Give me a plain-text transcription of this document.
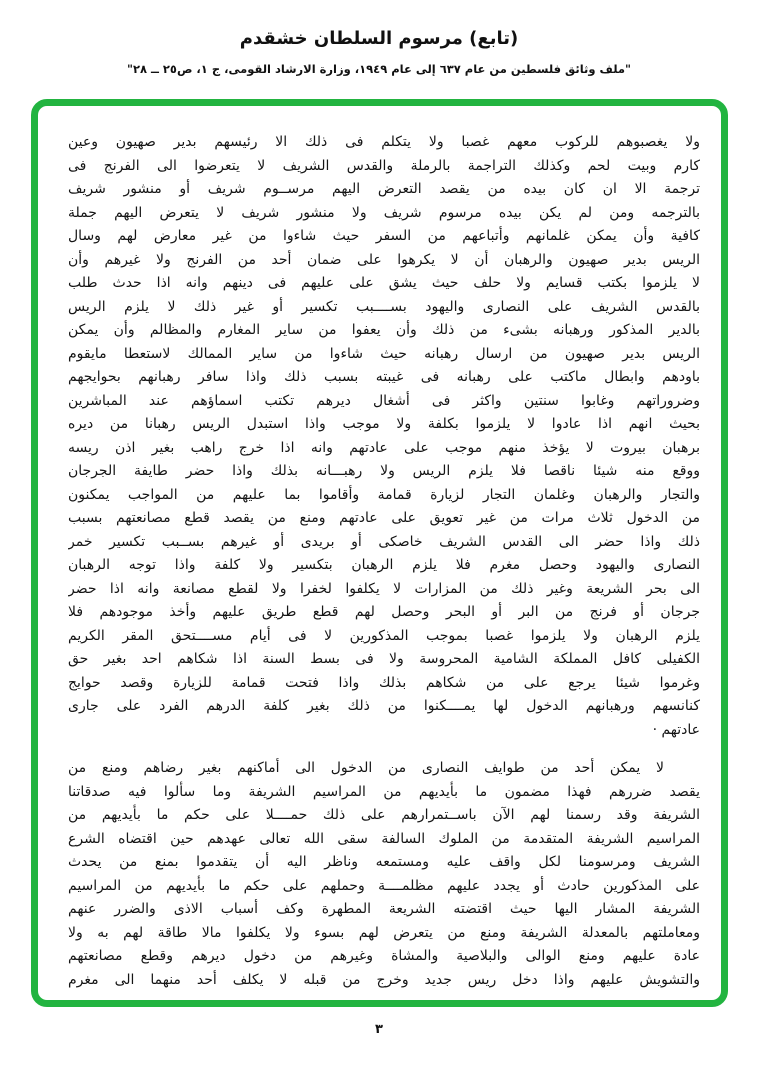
(تابع) مرسوم السلطان خشقدم
"ملف وثائق فلسطين من عام ٦٣٧ إلى عام ١٩٤٩، وزارة الارشاد القومى، ج ١، ص٢٥ ــ ٢٨"
ولا يغصبوهم للركوب معهم غصبا ولا يتكلم فى ذلك الا رئيسهم بدير صهيون وعين
كارم وبيت لحم وكذلك التراجمة بالرملة والقدس الشريف لا يتعرضوا الى الفرنج فى
ترجمة الا ان كان بيده من يقصد التعرض اليهم مرســوم شريف أو منشور شريف
بالترجمه ومن لم يكن بيده مرسوم شريف ولا منشور شريف لا يتعرض اليهم جملة
كافية وأن يمكن غلمانهم وأتباعهم من السفر حيث شاءوا من غير معارض لهم وسال
الريس بدير صهيون والرهبان أن لا يكرهوا على ضمان أحد من الفرنج ولا غيرهم وأن
لا يلزموا بكتب قسايم ولا حلف حيث يشق على عليهم فى دينهم وانه اذا حدث طلب
بالقدس الشريف على النصارى واليهود بســــبب تكسير أو غير ذلك لا يلزم الريس
بالدير المذكور ورهبانه بشىء من ذلك وأن يعفوا من ساير المغارم والمظالم وأن يمكن
الريس بدير صهيون من ارسال رهبانه حيث شاءوا من ساير الممالك لاستعطا مايقوم
باودهم وابطال ماكتب على رهبانه فى غيبته بسبب ذلك واذا سافر رهبانهم بحوايجهم
وضروراتهم وغابوا سنتين واكثر فى أشغال ديرهم تكتب اسماؤهم عند المباشرين
بحيث انهم اذا عادوا لا يلزموا بكلفة ولا موجب واذا استبدل الريس رهبانا من ديره
برهبان بيروت لا يؤخذ منهم موجب على عادتهم وانه اذا خرج راهب بغير اذن ريسه
ووقع منه شيئا ناقصا فلا يلزم الريس ولا رهبـــانه بذلك واذا حضر طايفة الجرجان
والتجار والرهبان وغلمان التجار لزيارة قمامة وأقاموا بما عليهم من المواجب يمكنون
من الدخول ثلاث مرات من غير تعويق على عادتهم ومنع من يقصد قطع مصانعتهم بسبب
ذلك واذا حضر الى القدس الشريف خاصكى أو بريدى أو غيرهم بســبب تكسير خمر
النصارى واليهود وحصل مغرم فلا يلزم الرهبان بتكسير ولا كلفة واذا توجه الرهبان
الى بحر الشريعة وغير ذلك من المزارات لا يكلفوا لخفرا ولا لقطع مصانعة وانه اذا حضر
جرجان أو فرنج من البر أو البحر وحصل لهم قطع طريق عليهم وأخذ موجودهم فلا
يلزم الرهبان ولا يلزموا غصبا بموجب المذكورين لا فى أيام مســــتحق المقر الكريم
الكفيلى كافل المملكة الشامية المحروسة ولا فى بسط السنة اذا شكاهم احد بغير حق
وغرموا شيئا يرجع على من شكاهم بذلك واذا فتحت قمامة للزيارة وقصد حوايج
كنانسهم ورهبانهم الدخول لها يمــــكنوا من ذلك بغير كلفة الدرهم الفرد على جارى
عادتهم ·
لا يمكن أحد من طوايف النصارى من الدخول الى أماكنهم بغير رضاهم ومنع من
يقصد ضررهم فهذا مضمون ما بأيديهم من المراسيم الشريفة وما سألوا فيه صدقاتنا
الشريفة وقد رسمنا لهم الآن باســتمرارهم على ذلك حمــــلا على حكم ما بأيديهم من
المراسيم الشريفة المتقدمة من الملوك السالفة سقى الله تعالى عهدهم حين اقتضاه الشرع
الشريف ومرسومنا لكل واقف عليه ومستمعه وناظر اليه أن يتقدموا بمنع من يحدث
على المذكورين حادث أو يجدد عليهم مظلمــــة وحملهم على حكم ما بأيديهم من المراسيم
الشريفة المشار اليها حيث اقتضته الشريعة المطهرة وكف أسباب الاذى والضرر عنهم
ومعاملتهم بالمعدلة الشريفة ومنع من يتعرض لهم بسوء ولا يكلفوا مالا طاقة لهم به ولا
عادة عليهم ومنع الوالى والبلاصية والمشاة وغيرهم من دخول ديرهم وقطع مصانعتهم
والتشويش عليهم واذا دخل ريس جديد وخرج من قبله لا يكلف أحد منهما الى مغرم
٣
